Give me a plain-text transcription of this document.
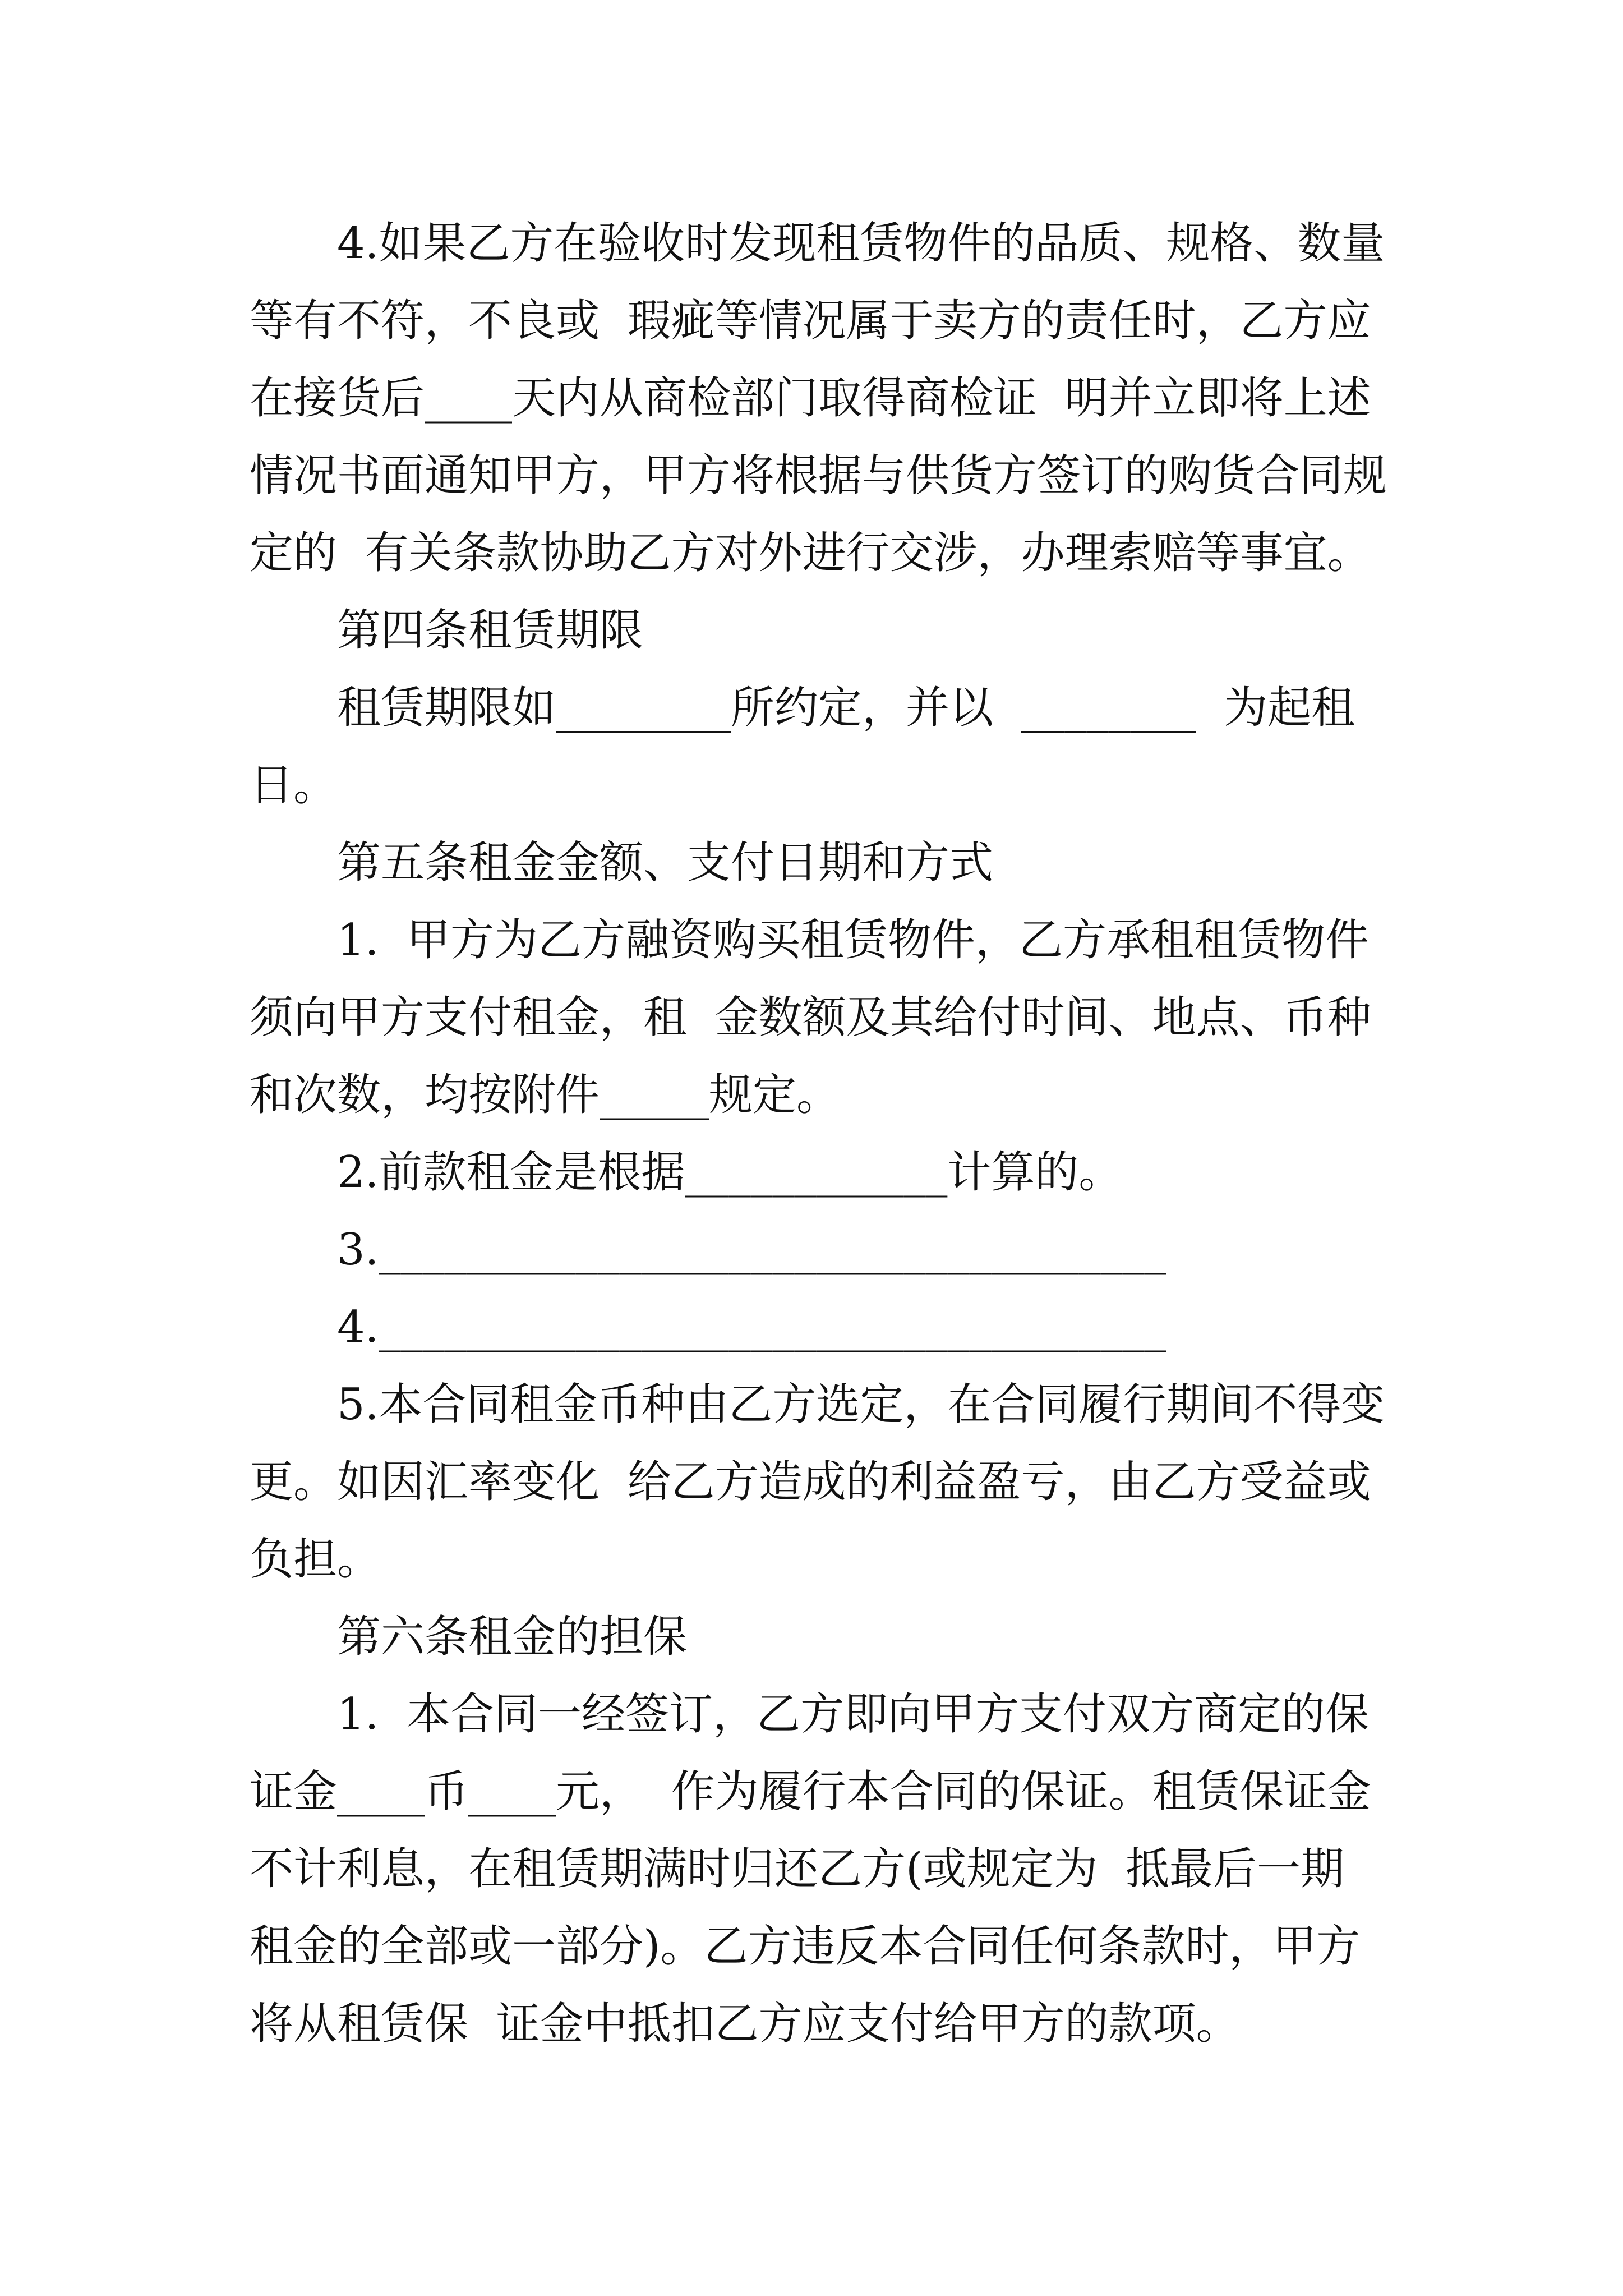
4.如果乙方在验收时发现租赁物件的品质、规格、数量
等有不符，不良或  瑕疵等情况属于卖方的责任时，乙方应
在接货后____天内从商检部门取得商检证  明并立即将上述
情况书面通知甲方，甲方将根据与供货方签订的购货合同规
定的  有关条款协助乙方对外进行交涉，办理索赔等事宜。
第四条租赁期限
租赁期限如________所约定，并以  ________  为起租
日。
第五条租金金额、支付日期和方式
1.  甲方为乙方融资购买租赁物件，乙方承租租赁物件
须向甲方支付租金，租  金数额及其给付时间、地点、币种
和次数，均按附件_____规定。
2.前款租金是根据____________计算的。
3.____________________________________
4.____________________________________
5.本合同租金币种由乙方选定，在合同履行期间不得变
更。如因汇率变化  给乙方造成的利益盈亏，由乙方受益或
负担。
第六条租金的担保
1.  本合同一经签订，乙方即向甲方支付双方商定的保
证金____币____元，  作为履行本合同的保证。租赁保证金
不计利息，在租赁期满时归还乙方(或规定为  抵最后一期
租金的全部或一部分)。乙方违反本合同任何条款时，甲方
将从租赁保  证金中抵扣乙方应支付给甲方的款项。
